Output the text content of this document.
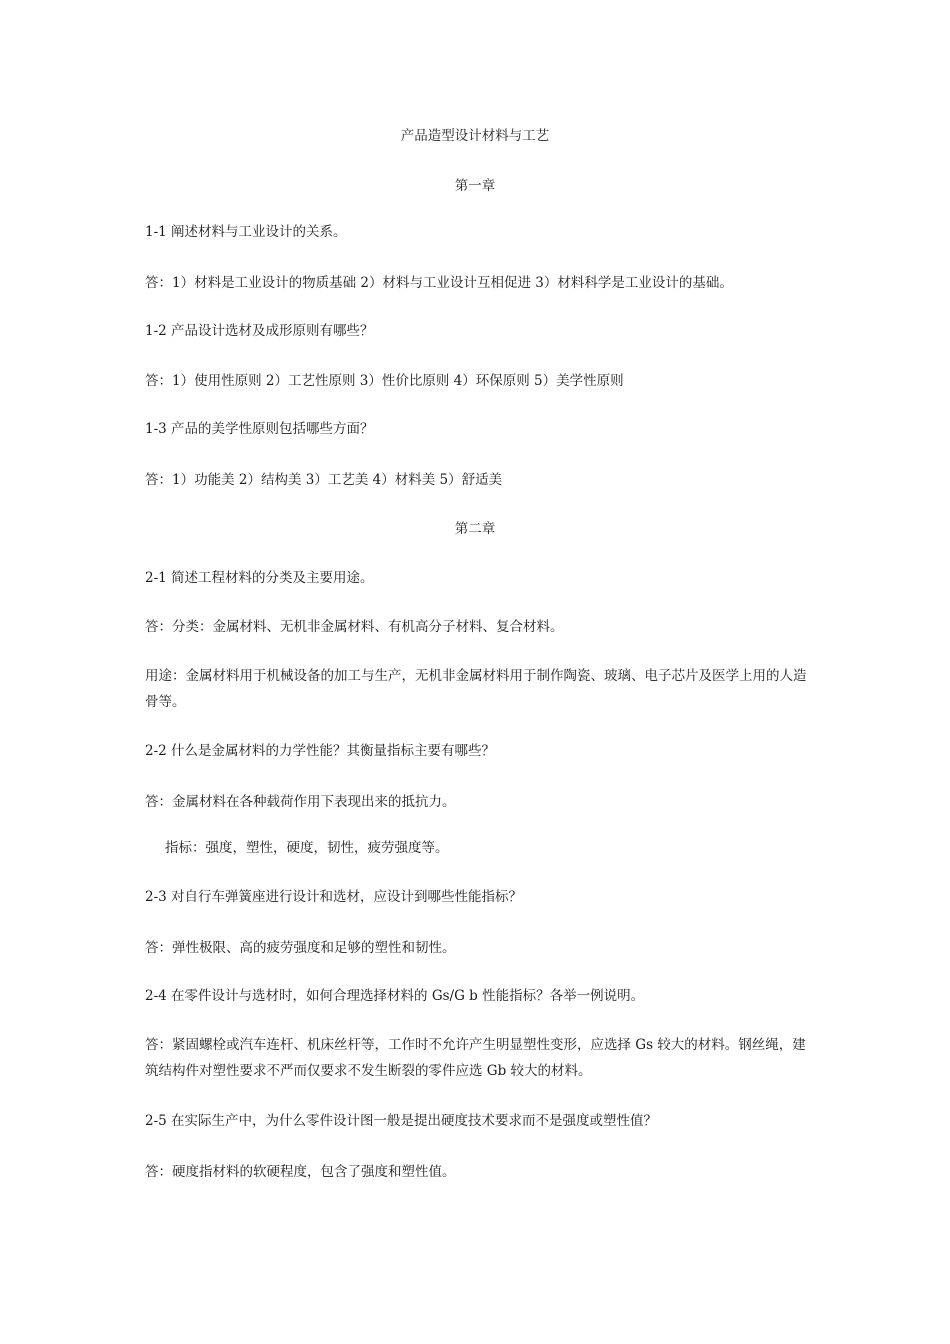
产品造型设计材料与工艺
第一章
1-1 阐述材料与工业设计的关系。
答：1）材料是工业设计的物质基础 2）材料与工业设计互相促进 3）材料科学是工业设计的基础。
1-2 产品设计选材及成形原则有哪些？
答：1）使用性原则 2）工艺性原则 3）性价比原则 4）环保原则 5）美学性原则
1-3 产品的美学性原则包括哪些方面？
答：1）功能美 2）结构美 3）工艺美 4）材料美 5）舒适美
第二章
2-1 简述工程材料的分类及主要用途。
答：分类：金属材料、无机非金属材料、有机高分子材料、复合材料。
用途：金属材料用于机械设备的加工与生产，无机非金属材料用于制作陶瓷、玻璃、电子芯片及医学上用的人造骨等。
2-2 什么是金属材料的力学性能？其衡量指标主要有哪些？
答：金属材料在各种载荷作用下表现出来的抵抗力。
指标：强度，塑性，硬度，韧性，疲劳强度等。
2-3 对自行车弹簧座进行设计和选材，应设计到哪些性能指标？
答：弹性极限、高的疲劳强度和足够的塑性和韧性。
2-4 在零件设计与选材时，如何合理选择材料的 Gs/G b 性能指标？各举一例说明。
答：紧固螺栓或汽车连杆、机床丝杆等，工作时不允许产生明显塑性变形，应选择 Gs 较大的材料。钢丝绳，建筑结构件对塑性要求不严而仅要求不发生断裂的零件应选 Gb 较大的材料。
2-5 在实际生产中，为什么零件设计图一般是提出硬度技术要求而不是强度或塑性值？
答：硬度指材料的软硬程度，包含了强度和塑性值。
